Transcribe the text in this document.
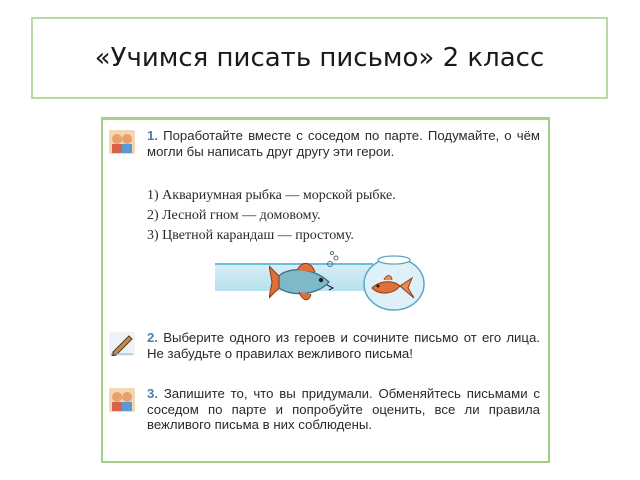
«Учимся писать письмо» 2 класс
1. Поработайте вместе с соседом по парте. Подумайте, о чём могли бы написать друг другу эти герои.
1) Аквариумная рыбка — морской рыбке.
2) Лесной гном — домовому.
3) Цветной карандаш — простому.
2. Выберите одного из героев и сочините письмо от его лица. Не забудьте о правилах вежливого письма!
3. Запишите то, что вы придумали. Обменяйтесь письмами с соседом по парте и попробуйте оценить, все ли правила вежливого письма в них соблюдены.
